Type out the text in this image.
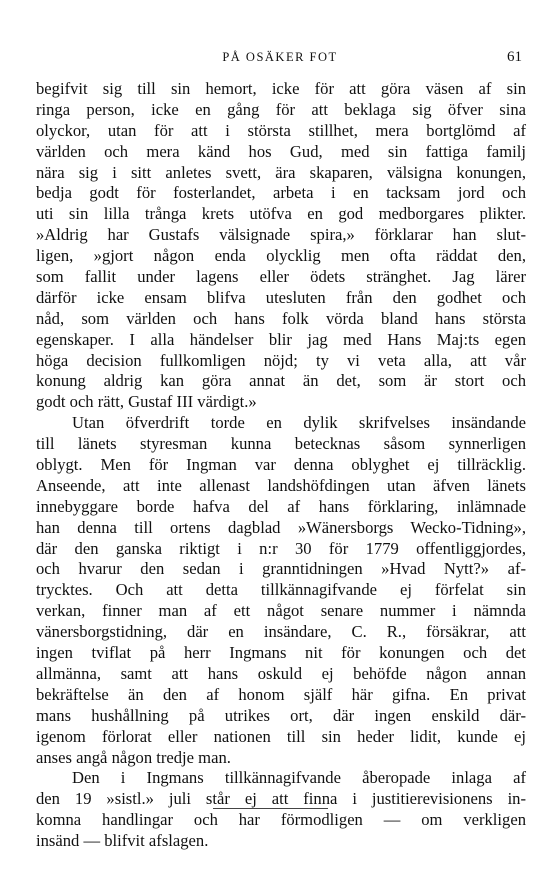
PÅ OSÄKER FOT	61
begifvit sig till sin hemort, icke för att göra väsen af sin
ringa person, icke en gång för att beklaga sig öfver sina
olyckor, utan för att i största stillhet, mera bortglömd af
världen och mera känd hos Gud, med sin fattiga familj
nära sig i sitt anletes svett, ära skaparen, välsigna konungen,
bedja godt för fosterlandet, arbeta i en tacksam jord och
uti sin lilla trånga krets utöfva en god medborgares plikter.
»Aldrig har Gustafs välsignade spira,» förklarar han slut-
ligen, »gjort någon enda olycklig men ofta räddat den,
som fallit under lagens eller ödets stränghet. Jag lärer
därför icke ensam blifva utesluten från den godhet och
nåd, som världen och hans folk vörda bland hans största
egenskaper. I alla händelser blir jag med Hans Maj:ts egen
höga decision fullkomligen nöjd; ty vi veta alla, att vår
konung aldrig kan göra annat än det, som är stort och
godt och rätt, Gustaf III värdigt.»
Utan öfverdrift torde en dylik skrifvelses insändande
till länets styresman kunna betecknas såsom synnerligen
oblygt. Men för Ingman var denna oblyghet ej tillräcklig.
Anseende, att inte allenast landshöfdingen utan äfven länets
innebyggare borde hafva del af hans förklaring, inlämnade
han denna till ortens dagblad »Wänersborgs Wecko-Tidning»,
där den ganska riktigt i n:r 30 för 1779 offentliggjordes,
och hvarur den sedan i granntidningen »Hvad Nytt?» af-
trycktes. Och att detta tillkännagifvande ej förfelat sin
verkan, finner man af ett något senare nummer i nämnda
vänersborgstidning, där en insändare, C. R., försäkrar, att
ingen tviflat på herr Ingmans nit för konungen och det
allmänna, samt att hans oskuld ej behöfde någon annan
bekräftelse än den af honom själf här gifna. En privat
mans hushållning på utrikes ort, där ingen enskild där-
igenom förlorat eller nationen till sin heder lidit, kunde ej
anses angå någon tredje man.
Den i Ingmans tillkännagifvande åberopade inlaga af
den 19 »sistl.» juli står ej att finna i justitierevisionens in-
komna handlingar och har förmodligen — om verkligen
insänd — blifvit afslagen.
